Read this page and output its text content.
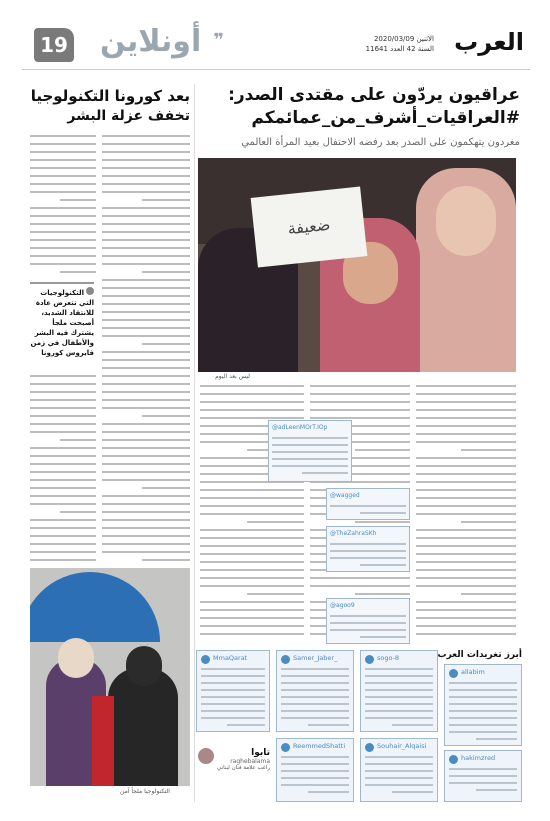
العرب
الاثنين 2020/03/09
السنة 42 العدد 11641
❞
أونلاين
19
عراقيون يردّون على مقتدى الصدر:
#العراقيات_أشرف_من_عمائمكم
مغردون يتهكمون على الصدر بعد رفضه الاحتفال بعيد المرأة العالمي
ضعيفة
ليس بعد اليوم
@adLeenMOrT.IOp
@wagged
@TheZahraSKh
@agoo9
بعد كورونا التكنولوجيا
تخفف عزلة البشر
التكنولوجيات التي تتعرض عادة للانتقاد الشديد، أصبحت ملجأ يشترك فيه البشر والأطفال في زمن فايروس كورونا
التكنولوجيا ملجأ آمن
أبرز تغريدات العرب
allabim
sogo-8
Samer_Jaber_
MmaQarat
hakimzred
Souhair_Alqaisi
ReemmedShatti
تابوا
raghebalama
راغب علامة فنان لبناني
